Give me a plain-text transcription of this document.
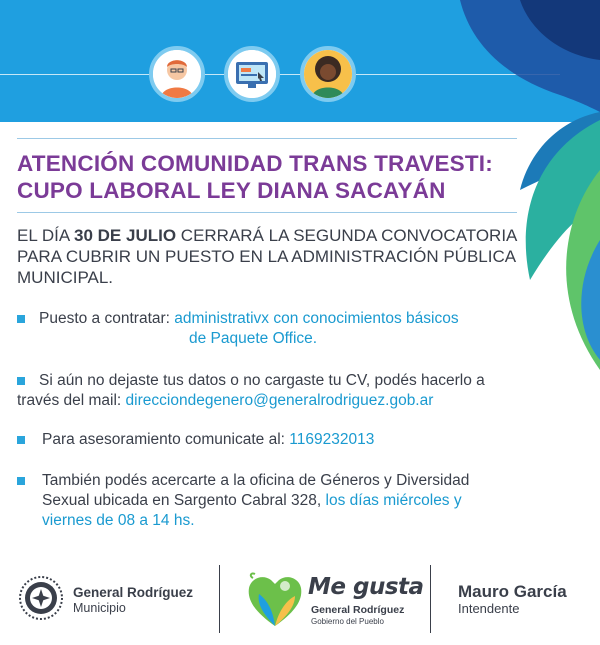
ATENCIÓN COMUNIDAD TRANS TRAVESTI:
CUPO LABORAL LEY DIANA SACAYÁN
EL DÍA 30 DE JULIO CERRARÁ LA SEGUNDA CONVOCATORIA
PARA CUBRIR UN PUESTO EN LA ADMINISTRACIÓN PÚBLICA
MUNICIPAL.
Puesto a contratar: administrativx con conocimientos básicos
de Paquete Office.
Si aún no dejaste tus datos o no cargaste tu CV, podés hacerlo a
través del mail: direcciondegenero@generalrodriguez.gob.ar
Para asesoramiento comunicate al: 1169232013
También podés acercarte a la oficina de Géneros y Diversidad
Sexual ubicada en Sargento Cabral 328, los días miércoles y
viernes de 08 a 14 hs.
General Rodríguez
Municipio
Me gusta
General Rodríguez
Gobierno del Pueblo
Mauro García
Intendente
